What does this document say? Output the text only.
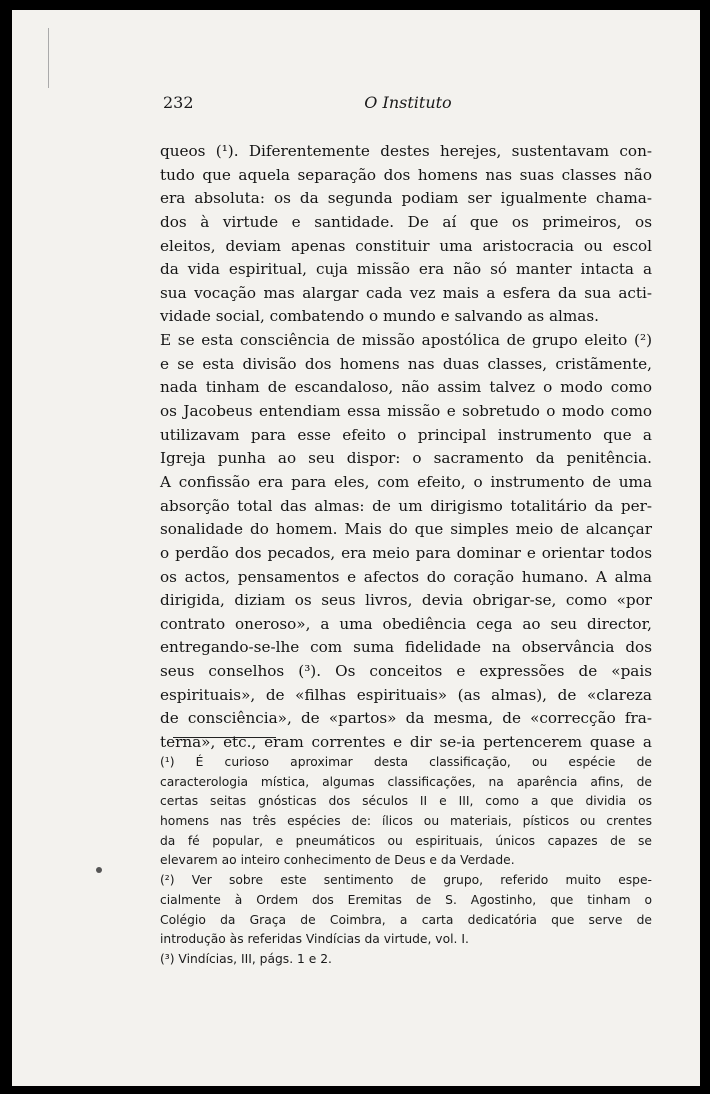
232	O Instituto
queos (¹). Diferentemente destes herejes, sustentavam con-
tudo que aquela separação dos homens nas suas classes não
era absoluta: os da segunda podiam ser igualmente chama-
dos à virtude e santidade. De aí que os primeiros, os
eleitos, deviam apenas constituir uma aristocracia ou escol
da vida espiritual, cuja missão era não só manter intacta a
sua vocação mas alargar cada vez mais a esfera da sua acti-
vidade social, combatendo o mundo e salvando as almas.
E se esta consciência de missão apostólica de grupo eleito (²)
e se esta divisão dos homens nas duas classes, cristãmente,
nada tinham de escandaloso, não assim talvez o modo como
os Jacobeus entendiam essa missão e sobretudo o modo como
utilizavam para esse efeito o principal instrumento que a
Igreja punha ao seu dispor: o sacramento da penitência.
A confissão era para eles, com efeito, o instrumento de uma
absorção total das almas: de um dirigismo totalitário da per-
sonalidade do homem. Mais do que simples meio de alcançar
o perdão dos pecados, era meio para dominar e orientar todos
os actos, pensamentos e afectos do coração humano. A alma
dirigida, diziam os seus livros, devia obrigar-se, como «por
contrato oneroso», a uma obediência cega ao seu director,
entregando-se-lhe com suma fidelidade na observância dos
seus conselhos (³). Os conceitos e expressões de «pais
espirituais», de «filhas espirituais» (as almas), de «clareza
de consciência», de «partos» da mesma, de «correcção fra-
terna», etc., eram correntes e dir se-ia pertencerem quase a
(¹) É curioso aproximar desta classificação, ou espécie de
caracterologia mística, algumas classificações, na aparência afins, de
certas seitas gnósticas dos séculos II e III, como a que dividia os
homens nas três espécies de: ílicos ou materiais, písticos ou crentes
da fé popular, e pneumáticos ou espirituais, únicos capazes de se
elevarem ao inteiro conhecimento de Deus e da Verdade.
(²) Ver sobre este sentimento de grupo, referido muito espe-
cialmente à Ordem dos Eremitas de S. Agostinho, que tinham o
Colégio da Graça de Coimbra, a carta dedicatória que serve de
introdução às referidas Vindícias da virtude, vol. I.
(³) Vindícias, III, págs. 1 e 2.
